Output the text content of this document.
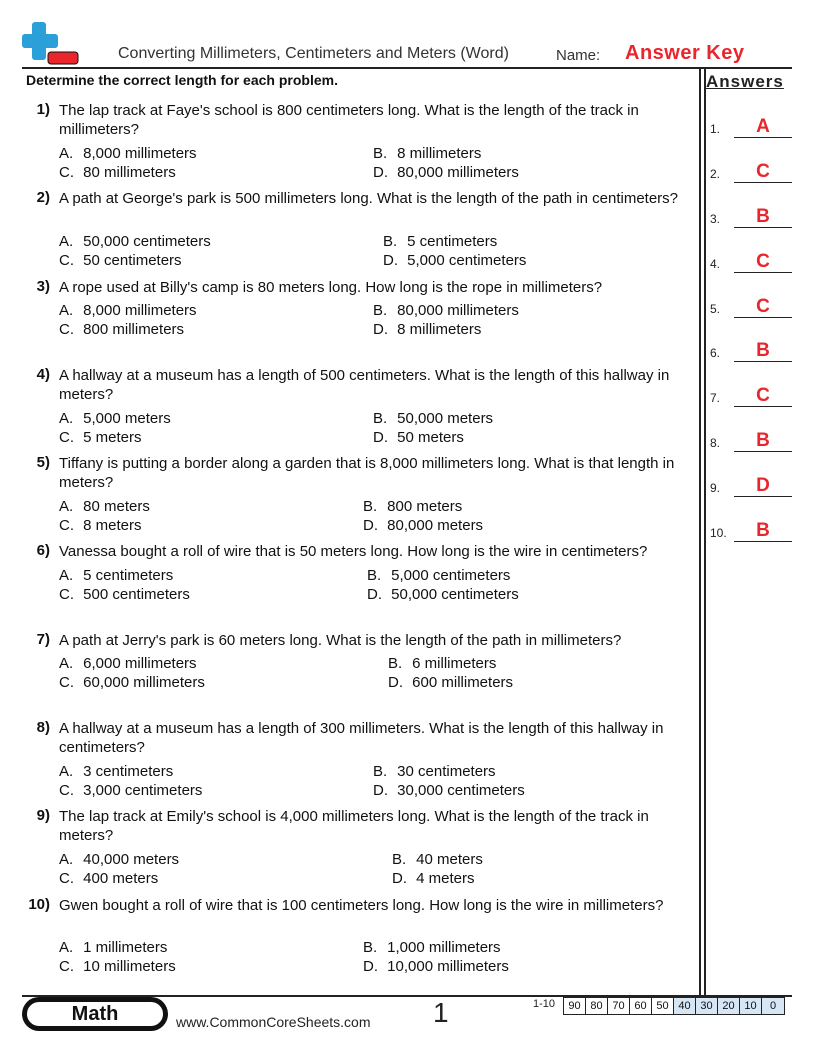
Converting Millimeters, Centimeters and Meters (Word)	Name: Answer Key
Determine the correct length for each problem.	Answers
1) The lap track at Faye's school is 800 centimeters long. What is the length of the track in millimeters?
A. 8,000 millimeters	B. 8 millimeters
C. 80 millimeters	D. 80,000 millimeters
2) A path at George's park is 500 millimeters long. What is the length of the path in centimeters?
A. 50,000 centimeters	B. 5 centimeters
C. 50 centimeters	D. 5,000 centimeters
3) A rope used at Billy's camp is 80 meters long. How long is the rope in millimeters?
A. 8,000 millimeters	B. 80,000 millimeters
C. 800 millimeters	D. 8 millimeters
4) A hallway at a museum has a length of 500 centimeters. What is the length of this hallway in meters?
A. 5,000 meters	B. 50,000 meters
C. 5 meters	D. 50 meters
5) Tiffany is putting a border along a garden that is 8,000 millimeters long. What is that length in meters?
A. 80 meters	B. 800 meters
C. 8 meters	D. 80,000 meters
6) Vanessa bought a roll of wire that is 50 meters long. How long is the wire in centimeters?
A. 5 centimeters	B. 5,000 centimeters
C. 500 centimeters	D. 50,000 centimeters
7) A path at Jerry's park is 60 meters long. What is the length of the path in millimeters?
A. 6,000 millimeters	B. 6 millimeters
C. 60,000 millimeters	D. 600 millimeters
8) A hallway at a museum has a length of 300 millimeters. What is the length of this hallway in centimeters?
A. 3 centimeters	B. 30 centimeters
C. 3,000 centimeters	D. 30,000 centimeters
9) The lap track at Emily's school is 4,000 millimeters long. What is the length of the track in meters?
A. 40,000 meters	B. 40 meters
C. 400 meters	D. 4 meters
10) Gwen bought a roll of wire that is 100 centimeters long. How long is the wire in millimeters?
A. 1 millimeters	B. 1,000 millimeters
C. 10 millimeters	D. 10,000 millimeters
1.	A
2.	C
3.	B
4.	C
5.	C
6.	B
7.	C
8.	B
9.	D
10.	B
Math	www.CommonCoreSheets.com 1	1-10	90 80 70 60 50 40 30 20 10	0
